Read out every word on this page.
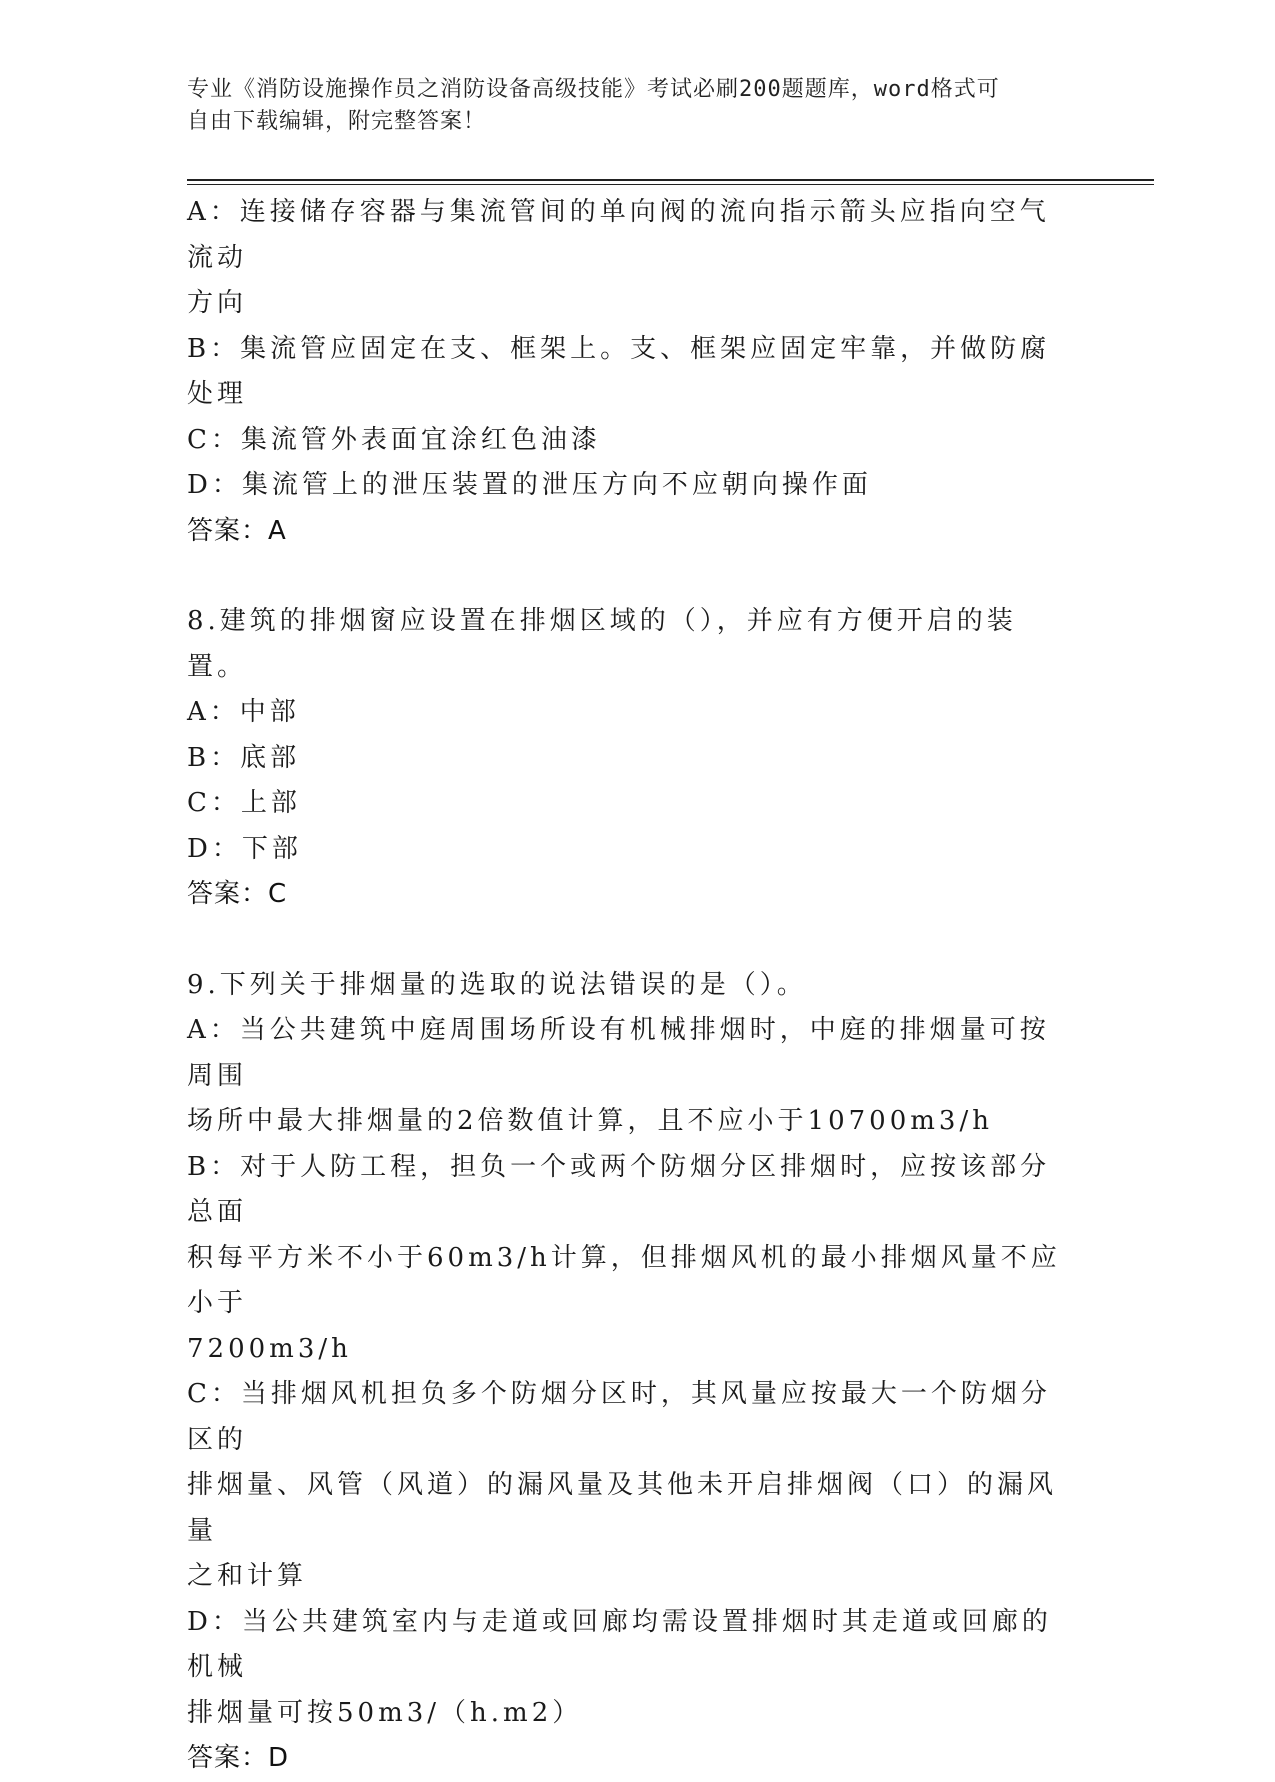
专业《消防设施操作员之消防设备高级技能》考试必刷200题题库，word格式可
自由下载编辑，附完整答案！
A：连接储存容器与集流管间的单向阀的流向指示箭头应指向空气流动
方向
B：集流管应固定在支、框架上。支、框架应固定牢靠，并做防腐处理
C：集流管外表面宜涂红色油漆
D：集流管上的泄压装置的泄压方向不应朝向操作面
答案：A
8.建筑的排烟窗应设置在排烟区域的（），并应有方便开启的装置。
A：中部
B：底部
C：上部
D：下部
答案：C
9.下列关于排烟量的选取的说法错误的是（）。
A：当公共建筑中庭周围场所设有机械排烟时，中庭的排烟量可按周围
场所中最大排烟量的2倍数值计算，且不应小于10700m3/h
B：对于人防工程，担负一个或两个防烟分区排烟时，应按该部分总面
积每平方米不小于60m3/h计算，但排烟风机的最小排烟风量不应小于
7200m3/h
C：当排烟风机担负多个防烟分区时，其风量应按最大一个防烟分区的
排烟量、风管（风道）的漏风量及其他未开启排烟阀（口）的漏风量
之和计算
D：当公共建筑室内与走道或回廊均需设置排烟时其走道或回廊的机械
排烟量可按50m3/（h.m2）
答案：D
